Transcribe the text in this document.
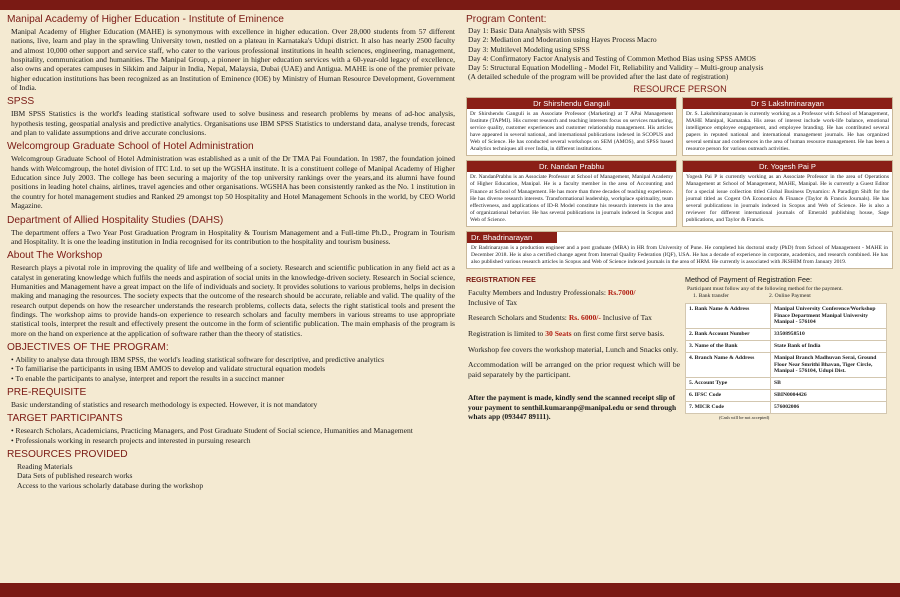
Manipal Academy of Higher Education - Institute of Eminence

Manipal Academy of Higher Education (MAHE) is synonymous with excellence in higher education. Over 28,000 students from 57 different nations, live, learn and play in the sprawling University town, nestled on a plateau in Karnataka's Udupi district. It also has nearly 2500 faculty and almost 10,000 other support and service staff, who cater to the various professional institutions in health sciences, engineering, management, hospitality, communication and humanities. The Manipal Group, a pioneer in higher education services with a 60-year-old legacy of excellence, also owns and operates campuses in Sikkim and Jaipur in India, Nepal, Malaysia, Dubai (UAE) and Antigua. MAHE is one of the premier private higher education institutions has been recognized as an Institution of Eminence (IOE) by Ministry of Human Resource Development, Government of India.

SPSS

IBM SPSS Statistics is the world's leading statistical software used to solve business and research problems by means of ad-hoc analysis, hypothesis testing, geospatial analysis and predictive analytics. Organisations use IBM SPSS Statistics to understand data, analyse trends, forecast and plan to validate assumptions and drive accurate conclusions.

Welcomgroup Graduate School of Hotel Administration

Welcomgroup Graduate School of Hotel Administration was established as a unit of the Dr TMA Pai Foundation. In 1987, the foundation joined hands with Welcomgroup, the hotel division of ITC Ltd. to set up the WGSHA institute. It is a constituent college of Manipal Academy of Higher Education since July 2003. The college has been securing a majority of the top university rankings over the years,and its alumni have found positions in leading hotel chains, airlines, travel agencies and other organisations. WGSHA has been consistently ranked as the No. 1 institution in the country for hotel management studies and Ranked 29 amongst top 50 Hospitality and Hotel Management Schools in the world, by CEO World Magazine.

Department of Allied Hospitality Studies (DAHS)

The department offers a Two Year Post Graduation Program in Hospitality & Tourism Management and a Full-time Ph.D., Program in Tourism and Hospitality. It is one the leading institution in India recognised for its contribution to the hospitality and tourism business.

About The Workshop

Research plays a pivotal role in improving the quality of life and wellbeing of a society. Research and scientific publication in any field act as a catalyst in generating knowledge which fulfils the needs and aspiration of social units in the knowledge-driven society. Research in Social science, Humanities and Management have a great impact on the life of individuals and society. It provides solutions to various problems, helps in decision making and managing the resources. The society expects that the outcome of the research should be accurate, reliable and valid. The quality of the research output depends on how the researcher understands the research problems, collects data, selects the right statistical tools and present the findings. The workshop aims to provide hands-on experience to research scholars and faculty members in various streams to use appropriate statistical tools, interpret the result and effectively present the outcome in the form of scientific publication. The main emphasis of the program is more on the hand on experience at the application of software rather than the theory of statistics.

OBJECTIVES OF THE PROGRAM:
• Ability to analyse data through IBM SPSS, the world's leading statistical software for descriptive, and predictive analytics
• To familiarise the participants in using IBM AMOS to develop and validate structural equation models
• To enable the participants to analyse, interpret and report the results in a succinct manner
PRE-REQUISITE

Basic understanding of statistics and research methodology is expected. However, it is not mandatory

TARGET PARTICIPANTS
• Research Scholars, Academicians, Practicing Managers, and Post Graduate Student of Social science, Humanities and Management
• Professionals working in research projects and interested in pursuing research
RESOURCES PROVIDED
Reading Materials
Data Sets of published research works
Access to the various scholarly database during the workshop
Program Content:
Day 1: Basic Data Analysis with SPSS
Day 2: Mediation and Moderation using Hayes Process Macro
Day 3: Multilevel Modeling using SPSS
Day 4: Confirmatory Factor Analysis and Testing of Common Method Bias using SPSS AMOS
Day 5: Structural Equation Modelling - Model Fit, Reliability and Validity – Multi-group analysis
(A detailed schedule of the program will be provided after the last date of registration)
RESOURCE PERSON
Dr Shirshendu Ganguli
Dr Shirshendu Ganguli is an Associate Professor (Marketing) at T APai Management Institute (TAPMI). His current research and teaching interests focus on services marketing, service quality, customer experiences and customer relationship management. His articles have appeared in several national, and international publications indexed in SCOPUS and Web of Science. He has conducted several workshops on SEM (AMOS), and SPSS based Analytics techniques all over India, in different institutions.
Dr S Lakshminarayan
Dr. S. Lakshminarayanan is currently working as a Professor with School of Management, MAHE Manipal, Karnataka. His areas of interest include work-life balance, emotional intelligence employee engagement, and employee branding. He has contributed several papers in reputed national and international management journals. He has organized several seminar and conferences in the area of human resource management. He has been a resource person for various outreach activities.
Dr. Nandan Prabhu
Dr. NandanPrabhu is an Associate Professor at School of Management, Manipal Academy of Higher Education, Manipal. He is a faculty member in the area of Accounting and Finance at School of Management. He has more than three decades of teaching experience. He has diverse research interests. Transformational leadership, workplace spirituality, team effectiveness, and applications of ID-R Model constitute his research interests in the area of organizational behavior. He has several publications in journals indexed in Scopus and Web of Science.
Dr. Yogesh Pai P
Yogesh Pai P is currently working as an Associate Professor in the area of Operations Management at School of Management, MAHE, Manipal. He is currently a Guest Editor for a special issue collection titled Global Business Dynamics: A Paradigm Shift for the journal titled as Cogent OA Economics & Finance (Taylor & Francis Journals). He has several publications in journals indexed in Scopus and Web of Science. He is also a reviewer for different international journals of Emerald publishing house, Sage publications, and Taylor & Francis.
Dr. Bhadrinarayan
Dr Badrinarayan is a production engineer and a post graduate (MBA) in HR from University of Pune. He completed his doctoral study (PhD) from School of Management - MAHE in December 2018. He is also a certified change agent from Internal Quality Federation (IQF), USA. He has a decade of experience in corporate, academics, and research combined. He has also published various research articles in Scopus and Web of Science indexed journals in the area of HRM. He currently is associated with JKSHIM from January 2019.
REGISTRATION FEE

Faculty Members and Industry Professionals: Rs.7000/
Inclusive of Tax

Research Scholars and Students: Rs. 6000/- Inclusive of Tax

Registration is limited to 30 Seats on first come first serve basis.

Workshop fee covers the workshop material, Lunch and Snacks only.

Accommodation will be arranged on the prior request which will be paid separately by the participant.

After the payment is made, kindly send the scanned receipt slip of your payment to senthil.kumaranp@manipal.edu or send through whats app (093447 89111).

Method of Payment of Registration Fee:
Participant must follow any of the following method for the payment.
1. Bank transfer	2. Online Payment
1. Bank Name & Address	Manipal University Conference/Workshop Finace Department Manipal University Manipal - 576104
2. Bank Account Number	33508958510
3. Name of the Bank	State Bank of India
4. Branch Name & Address	Manipal Branch Madhuvan Serai, Ground Floor Near Smrithi Bhavan, Tiger Circle, Manipal - 576104, Udupi Dist.
5. Account Type	SB
6. IFSC Code	SBIN0004426
7. MICR Code	576002006
(Cash will be not accepted)
